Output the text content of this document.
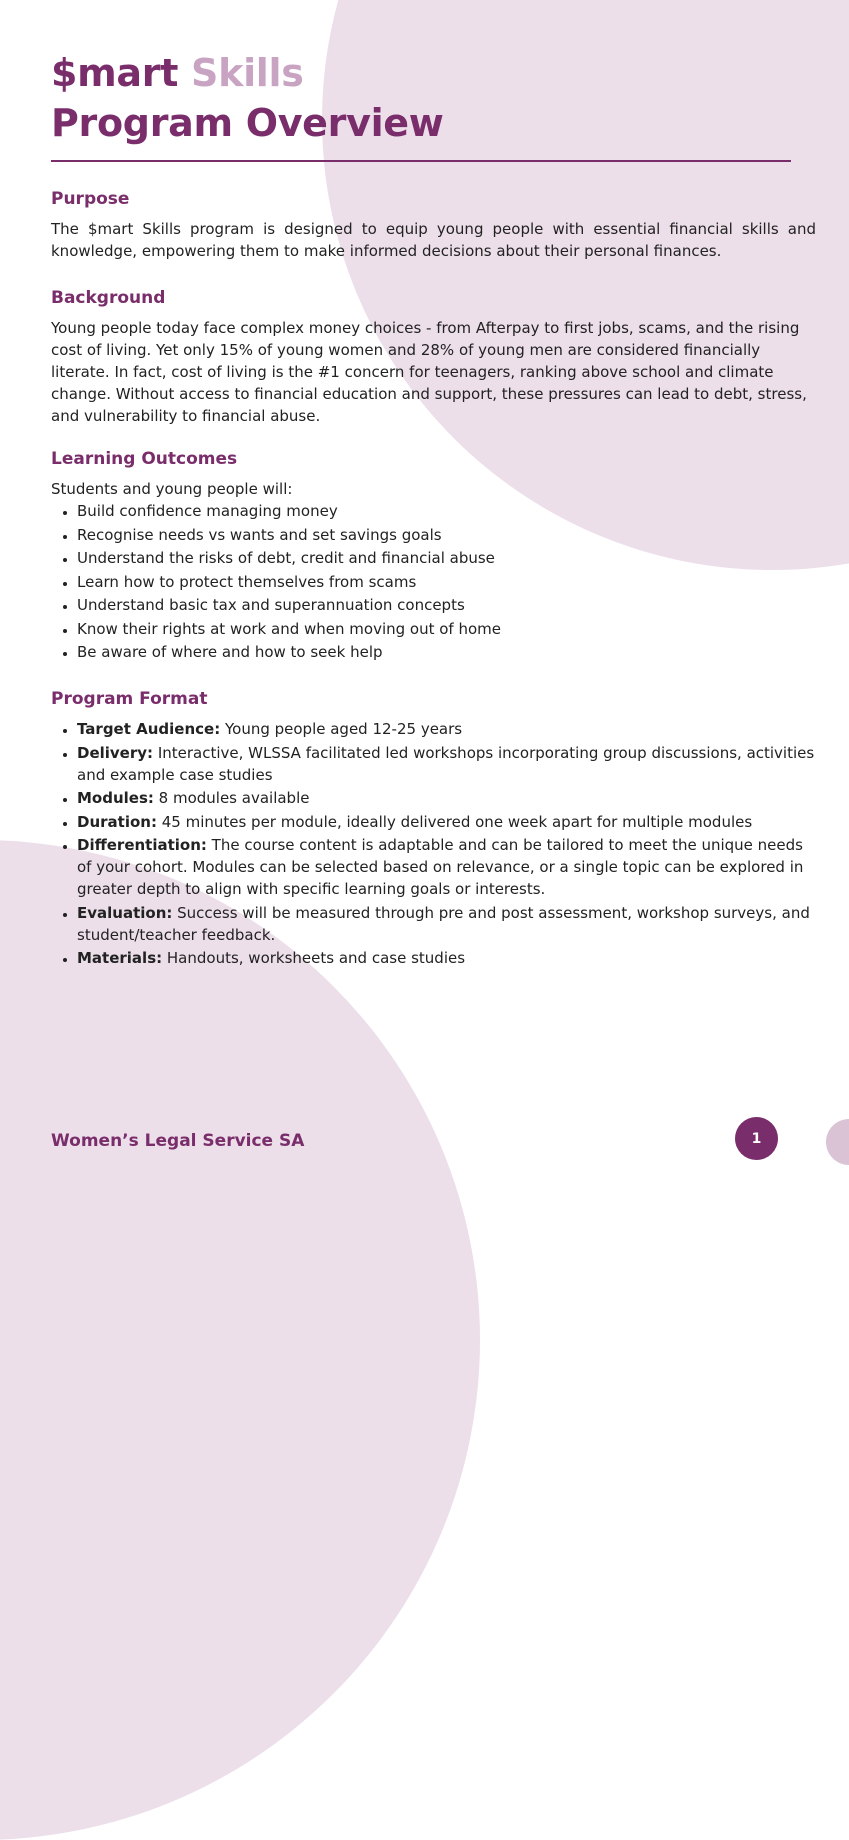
$mart Skills
Program Overview
Purpose

The $mart Skills program is designed to equip young people with essential financial skills and knowledge, empowering them to make informed decisions about their personal finances.

Background

Young people today face complex money choices - from Afterpay to first jobs, scams, and the rising cost of living. Yet only 15% of young women and 28% of young men are considered financially literate. In fact, cost of living is the #1 concern for teenagers, ranking above school and climate change. Without access to financial education and support, these pressures can lead to debt, stress, and vulnerability to financial abuse.

Learning Outcomes

Students and young people will:

• Build confidence managing money
• Recognise needs vs wants and set savings goals
• Understand the risks of debt, credit and financial abuse
• Learn how to protect themselves from scams
• Understand basic tax and superannuation concepts
• Know their rights at work and when moving out of home
• Be aware of where and how to seek help
Program Format
• Target Audience: Young people aged 12-25 years
• Delivery: Interactive, WLSSA facilitated led workshops incorporating group discussions, activities and example case studies
• Modules: 8 modules available
• Duration: 45 minutes per module, ideally delivered one week apart for multiple modules
• Differentiation: The course content is adaptable and can be tailored to meet the unique needs of your cohort. Modules can be selected based on relevance, or a single topic can be explored in greater depth to align with specific learning goals or interests.
• Evaluation: Success will be measured through pre and post assessment, workshop surveys, and student/teacher feedback.
• Materials: Handouts, worksheets and case studies
Women’s Legal Service SA	1
